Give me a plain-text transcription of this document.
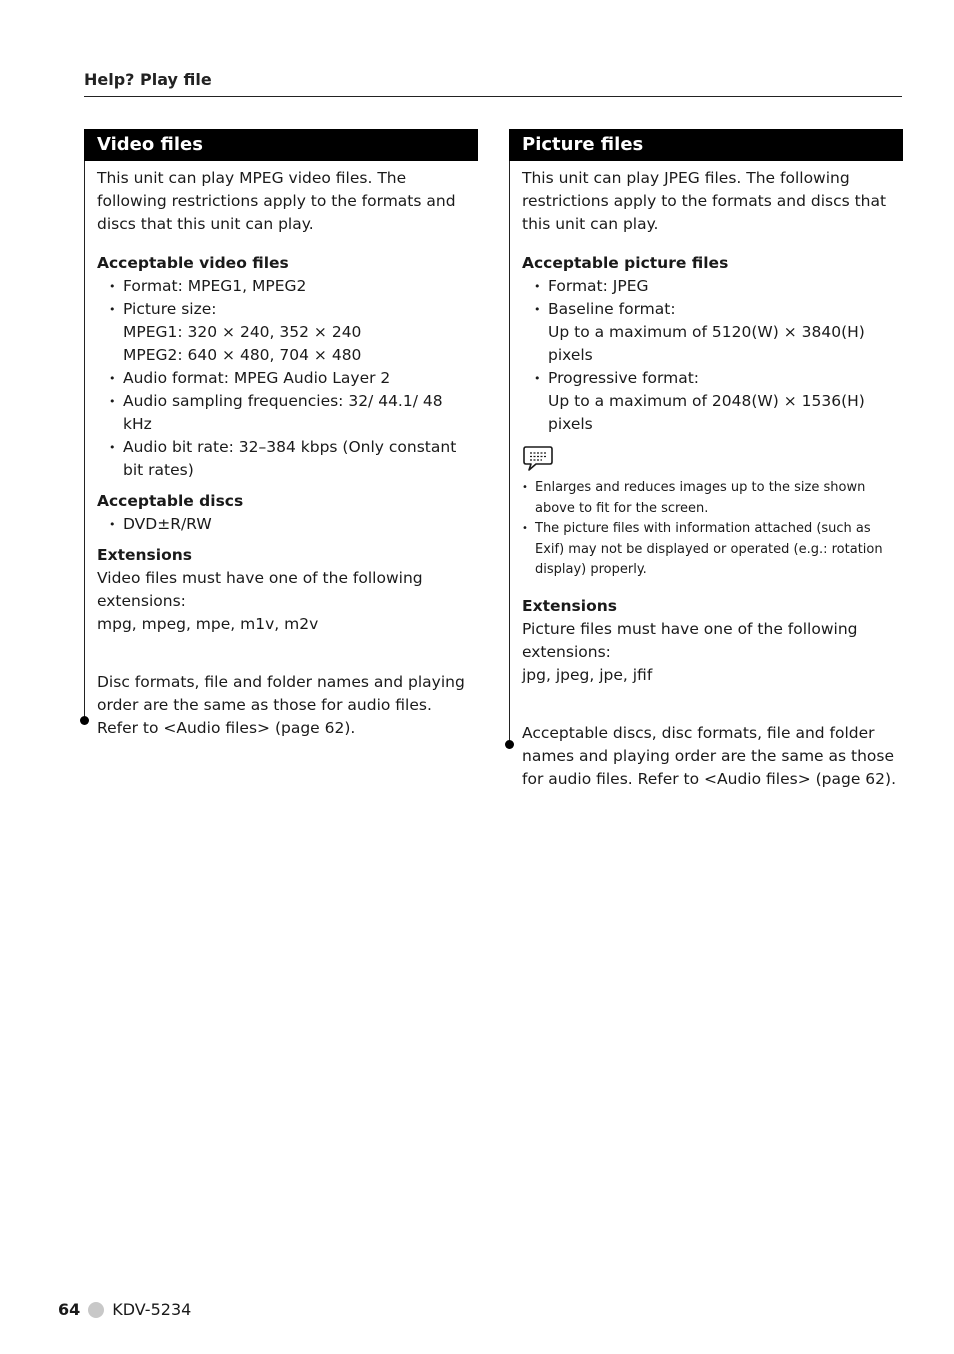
Help? Play file
Video files

This unit can play MPEG video files. The following restrictions apply to the formats and discs that this unit can play.

Acceptable video files

• Format: MPEG1, MPEG2
• Picture size:
MPEG1: 320 × 240, 352 × 240
MPEG2: 640 × 480, 704 × 480
• Audio format: MPEG Audio Layer 2
• Audio sampling frequencies: 32/ 44.1/ 48 kHz
• Audio bit rate: 32–384 kbps (Only constant bit rates)

Acceptable discs

• DVD±R/RW

Extensions

Video files must have one of the following extensions:

mpg, mpeg, mpe, m1v, m2v

Disc formats, file and folder names and playing order are the same as those for audio files. Refer to <Audio files> (page 62).

Picture files

This unit can play JPEG files. The following restrictions apply to the formats and discs that this unit can play.

Acceptable picture files

• Format: JPEG
• Baseline format:
Up to a maximum of 5120(W) × 3840(H) pixels
• Progressive format:
Up to a maximum of 2048(W) × 1536(H) pixels
• Enlarges and reduces images up to the size shown above to fit for the screen.
• The picture files with information attached (such as Exif) may not be displayed or operated (e.g.: rotation display) properly.

Extensions

Picture files must have one of the following extensions:

jpg, jpeg, jpe, jfif

Acceptable discs, disc formats, file and folder names and playing order are the same as those for audio files. Refer to <Audio files> (page 62).

64 KDV-5234
